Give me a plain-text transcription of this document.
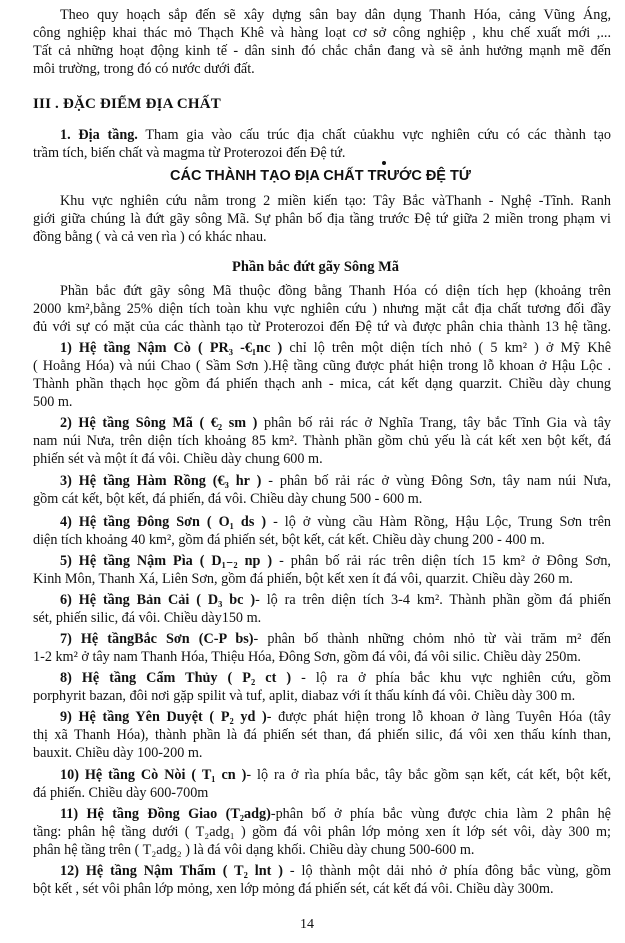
Theo quy hoạch sắp đến sẽ xây dựng sân bay dân dụng Thanh Hóa, cảng Vũng Áng,
công nghiệp khai thác mỏ Thạch Khê và hàng loạt cơ sở công nghiệp , khu chế xuất mới ,...
Tất cả những hoạt động kinh tế - dân sinh đó chắc chắn đang và sẽ ảnh hưởng mạnh mẽ đến
môi trường, trong đó có nước dưới đất.
III . ĐẶC ĐIỂM ĐỊA CHẤT
1. Địa tầng. Tham gia vào cấu trúc địa chất củakhu vực nghiên cứu có các thành tạo
trầm tích, biến chất và magma từ Proterozoi đến Đệ tứ.
CÁC THÀNH TẠO ĐỊA CHẤT TRƯỚC ĐỆ TỨ
Khu vực nghiên cứu nằm trong 2 miền kiến tạo: Tây Bắc vàThanh - Nghệ -Tĩnh. Ranh
giới giữa chúng là đứt gãy sông Mã. Sự phân bố địa tầng trước Đệ tứ giữa 2 miền trong phạm vi
đồng bằng ( và cả ven rìa ) có khác nhau.
Phần bắc đứt gãy Sông Mã
Phần bắc đứt gãy sông Mã thuộc đồng bằng Thanh Hóa có diện tích hẹp (khoảng trên
2000 km²,bằng 25% diện tích toàn khu vực nghiên cứu ) nhưng mặt cắt địa chất tương đối đầy
đủ với sự có mặt của các thành tạo từ Proterozoi đến Đệ tứ và được phân chia thành 13 hệ tầng.
1) Hệ tầng Nậm Cò ( PR₃ -€₁nc ) chỉ lộ trên một diện tích nhỏ ( 5 km² ) ở Mỹ Khê
( Hoằng Hóa) và núi Chao ( Sầm Sơn ).Hệ tầng cũng được phát hiện trong lỗ khoan ở Hậu Lộc .
Thành phần thạch học gồm đá phiến thạch anh - mica, cát kết dạng quarzit. Chiều dày chung
500 m.
2) Hệ tầng Sông Mã ( €₂ sm ) phân bố rải rác ở Nghĩa Trang, tây bắc Tĩnh Gia và tây
nam núi Nưa, trên diện tích khoảng 85 km². Thành phần gồm chủ yếu là cát kết xen bột kết, đá
phiến sét và một ít đá vôi. Chiều dày chung 600 m.
3) Hệ tầng Hàm Rồng (€₃ hr ) - phân bố rải rác ở vùng Đông Sơn, tây nam núi Nưa,
gồm cát kết, bột kết, đá phiến, đá vôi. Chiều dày chung 500 - 600 m.
4) Hệ tầng Đông Sơn ( O₁ ds ) - lộ ở vùng cầu Hàm Rồng, Hậu Lộc, Trung Sơn trên
diện tích khoảng 40 km², gồm đá phiến sét, bột kết, cát kết. Chiều dày chung 200 - 400 m.
5) Hệ tầng Nậm Pìa ( D₁₋₂ np ) - phân bố rải rác trên diện tích 15 km² ở Đông Sơn,
Kinh Môn, Thanh Xá, Liên Sơn, gồm đá phiến, bột kết xen ít đá vôi, quarzit. Chiều dày 260 m.
6) Hệ tầng Bản Cải ( D₃ bc )- lộ ra trên diện tích 3-4 km². Thành phần gồm đá phiến
sét, phiến silic, đá vôi. Chiều dày150 m.
7) Hệ tầngBắc Sơn (C-P bs)- phân bố thành những chỏm nhỏ từ vài trăm m² đến
1-2 km² ở tây nam Thanh Hóa, Thiệu Hóa, Đông Sơn, gồm đá vôi, đá vôi silic. Chiều dày 250m.
8) Hệ tầng Cẩm Thủy ( P₂ ct ) - lộ ra ở phía bắc khu vực nghiên cứu, gồm
porphyrit bazan, đôi nơi gặp spilit và tuf, aplit, diabaz với ít thấu kính đá vôi. Chiều dày 300 m.
9) Hệ tầng Yên Duyệt ( P₂ yd )- được phát hiện trong lỗ khoan ở làng Tuyên Hóa (tây
thị xã Thanh Hóa), thành phần là đá phiến sét than, đá phiến silic, đá vôi xen thấu kính than,
bauxit. Chiều dày 100-200 m.
10) Hệ tầng Cò Nòi ( T₁ cn )- lộ ra ở rìa phía bắc, tây bắc gồm sạn kết, cát kết, bột kết,
đá phiến. Chiều dày 600-700m
11) Hệ tầng Đồng Giao (T₂adg)-phân bố ở phía bắc vùng được chia làm 2 phân hệ
tầng: phân hệ tầng dưới ( T₂adg₁ ) gồm đá vôi phân lớp mỏng xen ít lớp sét vôi, dày 300 m;
phân hệ tầng trên ( T₂adg₂ ) là đá vôi dạng khối. Chiều dày chung 500-600 m.
12) Hệ tầng Nậm Thẩm ( T₂ lnt ) - lộ thành một dải nhỏ ở phía đông bắc vùng, gồm
bột kết , sét vôi phân lớp mỏng, xen lớp mỏng đá phiến sét, cát kết đá vôi. Chiều dày 300m.
14
